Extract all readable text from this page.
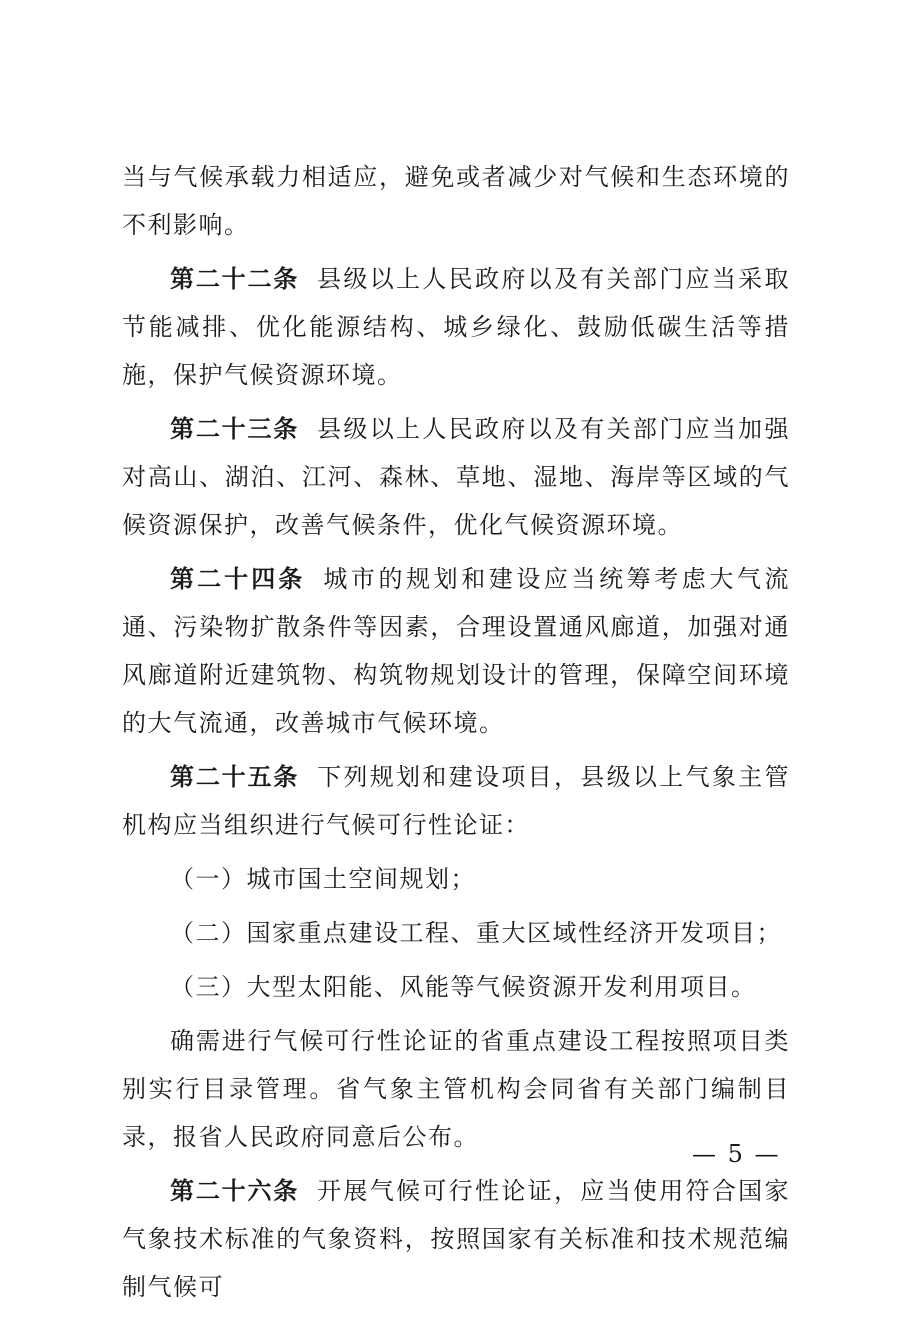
当与气候承载力相适应，避免或者减少对气候和生态环境的不利影响。

第二十二条 县级以上人民政府以及有关部门应当采取节能减排、优化能源结构、城乡绿化、鼓励低碳生活等措施，保护气候资源环境。

第二十三条 县级以上人民政府以及有关部门应当加强对高山、湖泊、江河、森林、草地、湿地、海岸等区域的气候资源保护，改善气候条件，优化气候资源环境。

第二十四条 城市的规划和建设应当统筹考虑大气流通、污染物扩散条件等因素，合理设置通风廊道，加强对通风廊道附近建筑物、构筑物规划设计的管理，保障空间环境的大气流通，改善城市气候环境。

第二十五条 下列规划和建设项目，县级以上气象主管机构应当组织进行气候可行性论证：

（一）城市国土空间规划；

（二）国家重点建设工程、重大区域性经济开发项目；

（三）大型太阳能、风能等气候资源开发利用项目。

确需进行气候可行性论证的省重点建设工程按照项目类别实行目录管理。省气象主管机构会同省有关部门编制目录，报省人民政府同意后公布。

第二十六条 开展气候可行性论证，应当使用符合国家气象技术标准的气象资料，按照国家有关标准和技术规范编制气候可

— 5 —
